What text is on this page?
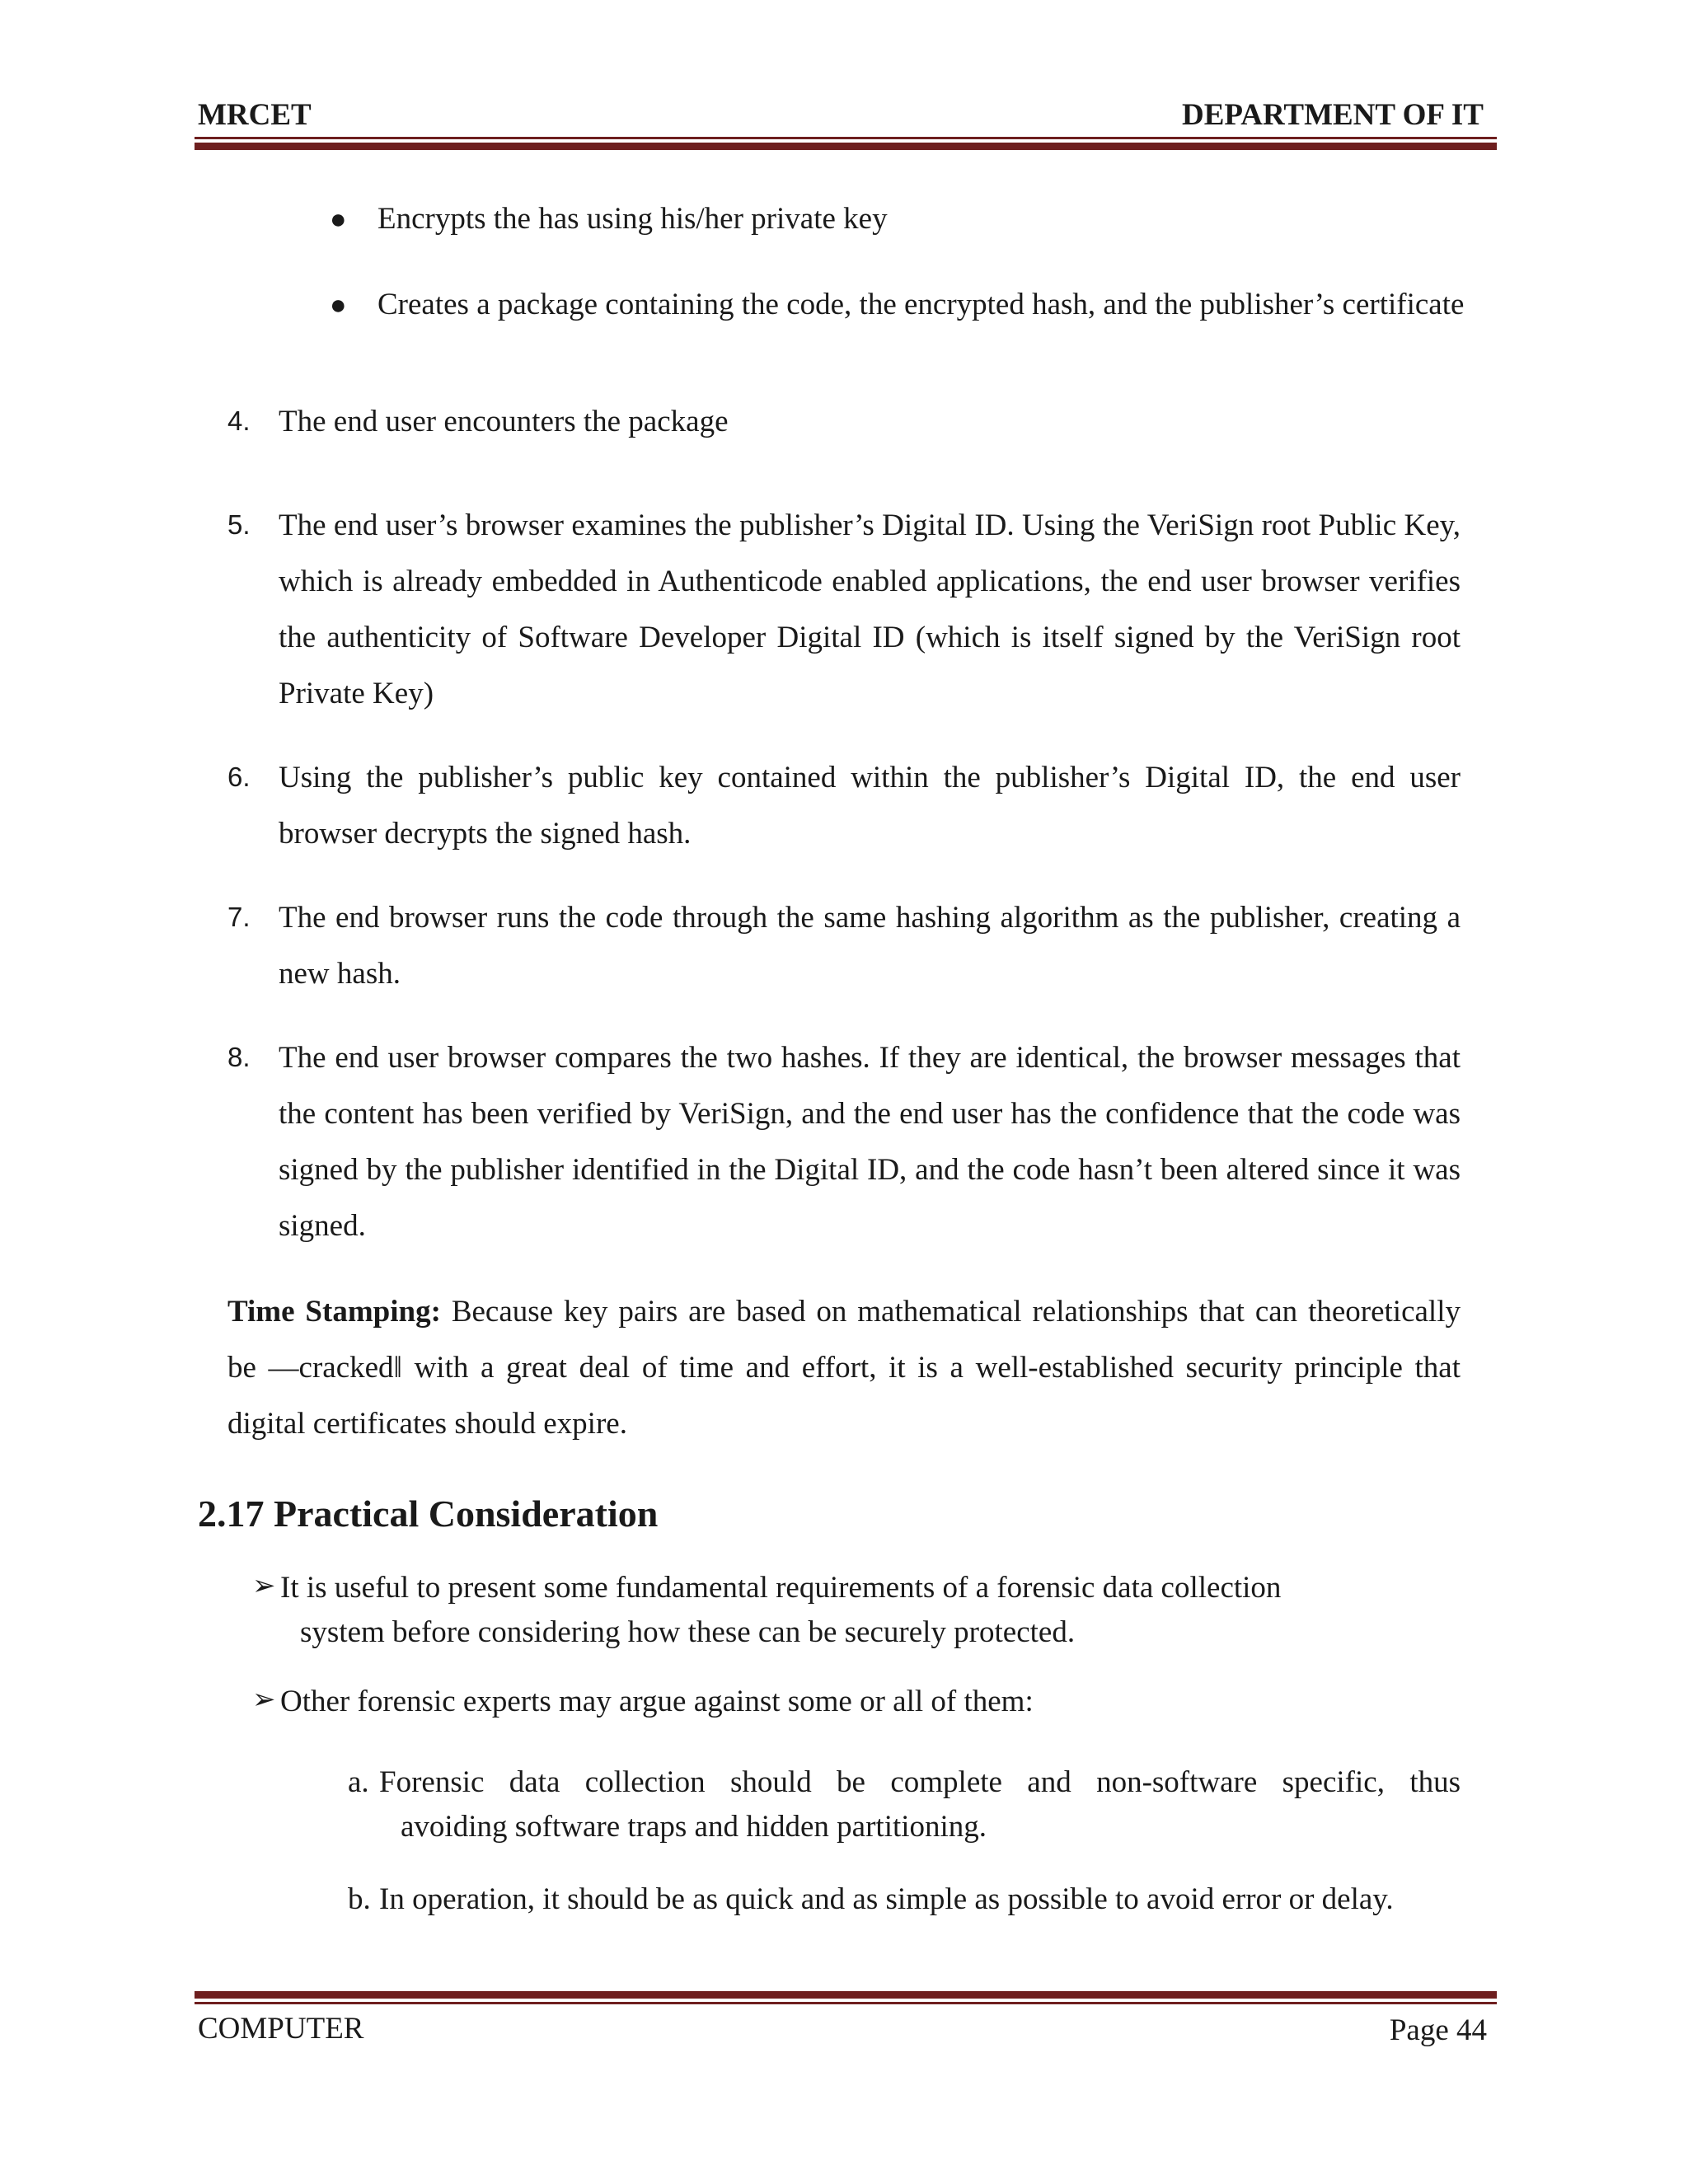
MRCET	DEPARTMENT OF IT
● Encrypts the has using his/her private key
● Creates a package containing the code, the encrypted hash, and the publisher’s certificate
4. The end user encounters the package
5. The end user’s browser examines the publisher’s Digital ID. Using the VeriSign root Public Key, which is already embedded in Authenticode enabled applications, the end user browser verifies the authenticity of Software Developer Digital ID (which is itself signed by the VeriSign root Private Key)
6. Using the publisher’s public key contained within the publisher’s Digital ID, the end user browser decrypts the signed hash.
7. The end browser runs the code through the same hashing algorithm as the publisher, creating a new hash.
8. The end user browser compares the two hashes. If they are identical, the browser messages that the content has been verified by VeriSign, and the end user has the confidence that the code was signed by the publisher identified in the Digital ID, and the code hasn’t been altered since it was signed.
Time Stamping: Because key pairs are based on mathematical relationships that can theoretically be ―cracked‖ with a great deal of time and effort, it is a well-established security principle that digital certificates should expire.
2.17 Practical Consideration
➢ It is useful to present some fundamental requirements of a forensic data collection
system before considering how these can be securely protected.
➢ Other forensic experts may argue against some or all of them:
a. Forensic data collection should be complete and non-software specific, thus
avoiding software traps and hidden partitioning.
b. In operation, it should be as quick and as simple as possible to avoid error or delay.
COMPUTER	Page 44
